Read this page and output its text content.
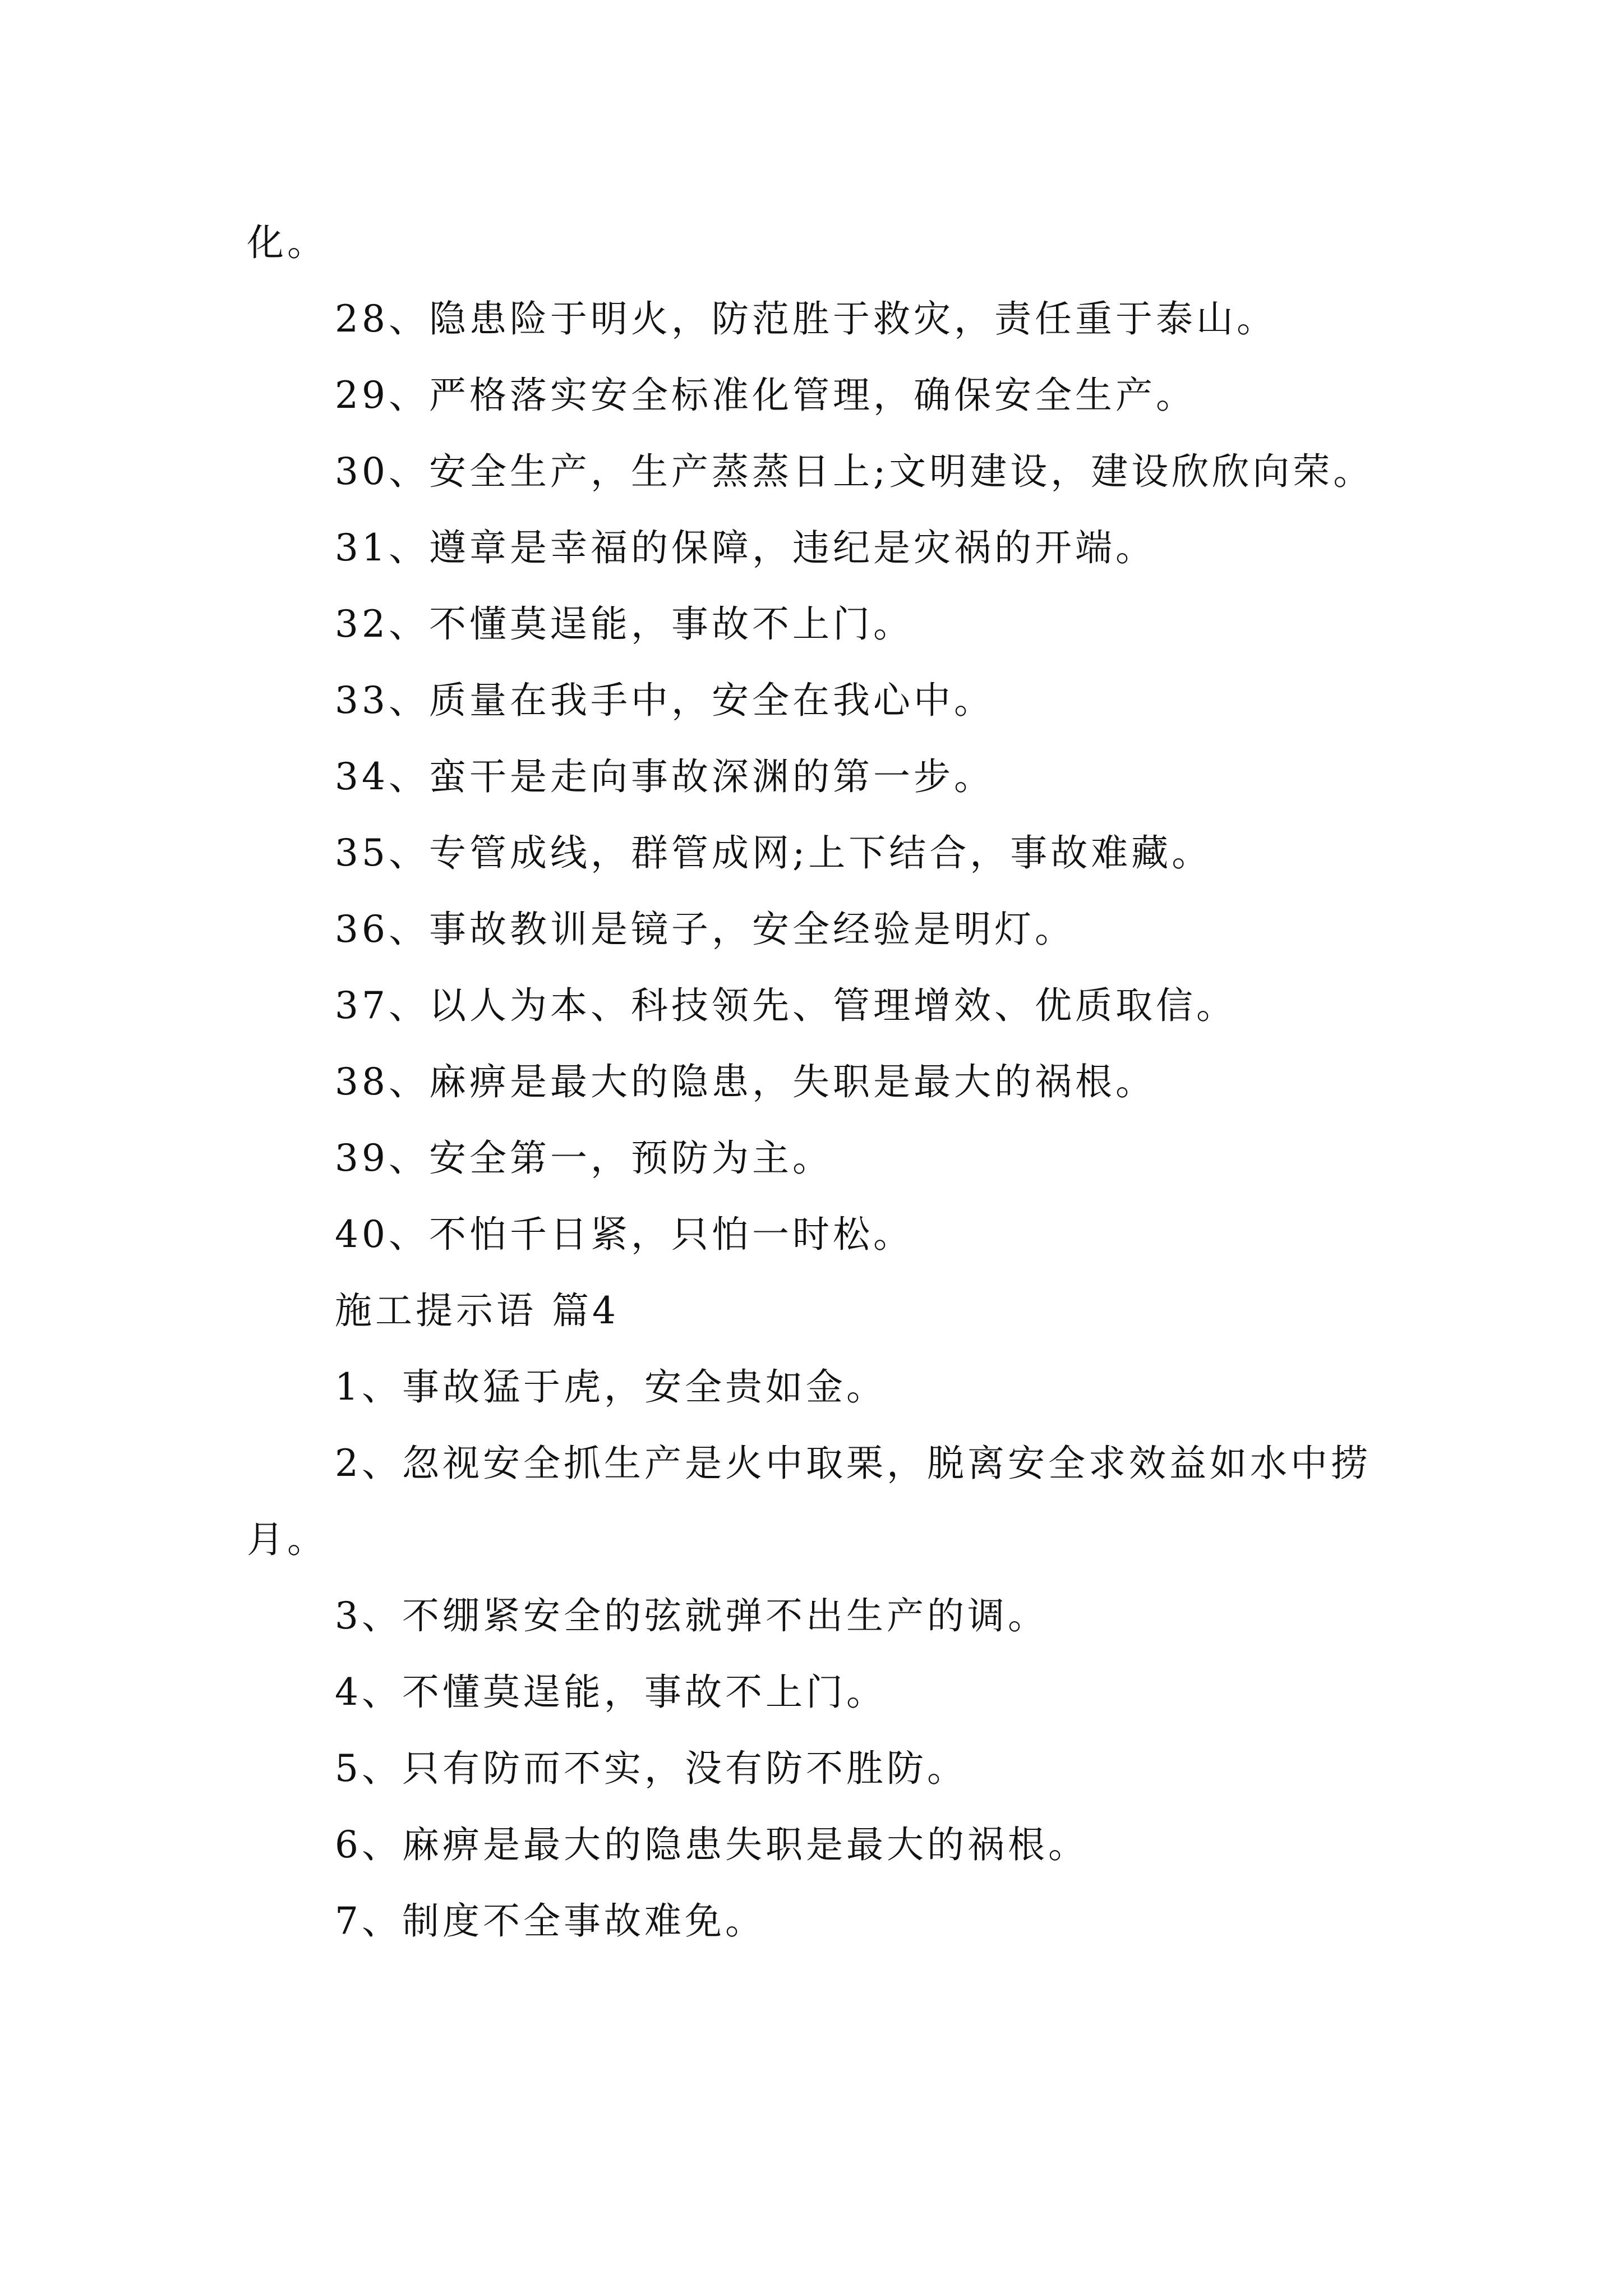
化。

28、隐患险于明火，防范胜于救灾，责任重于泰山。

29、严格落实安全标准化管理，确保安全生产。

30、安全生产，生产蒸蒸日上;文明建设，建设欣欣向荣。

31、遵章是幸福的保障，违纪是灾祸的开端。

32、不懂莫逞能，事故不上门。

33、质量在我手中，安全在我心中。

34、蛮干是走向事故深渊的第一步。

35、专管成线，群管成网;上下结合，事故难藏。

36、事故教训是镜子，安全经验是明灯。

37、以人为本、科技领先、管理增效、优质取信。

38、麻痹是最大的隐患，失职是最大的祸根。

39、安全第一，预防为主。

40、不怕千日紧，只怕一时松。

施工提示语 篇4

1、事故猛于虎，安全贵如金。

2、忽视安全抓生产是火中取栗，脱离安全求效益如水中捞月。

3、不绷紧安全的弦就弹不出生产的调。

4、不懂莫逞能，事故不上门。

5、只有防而不实，没有防不胜防。

6、麻痹是最大的隐患失职是最大的祸根。

7、制度不全事故难免。
